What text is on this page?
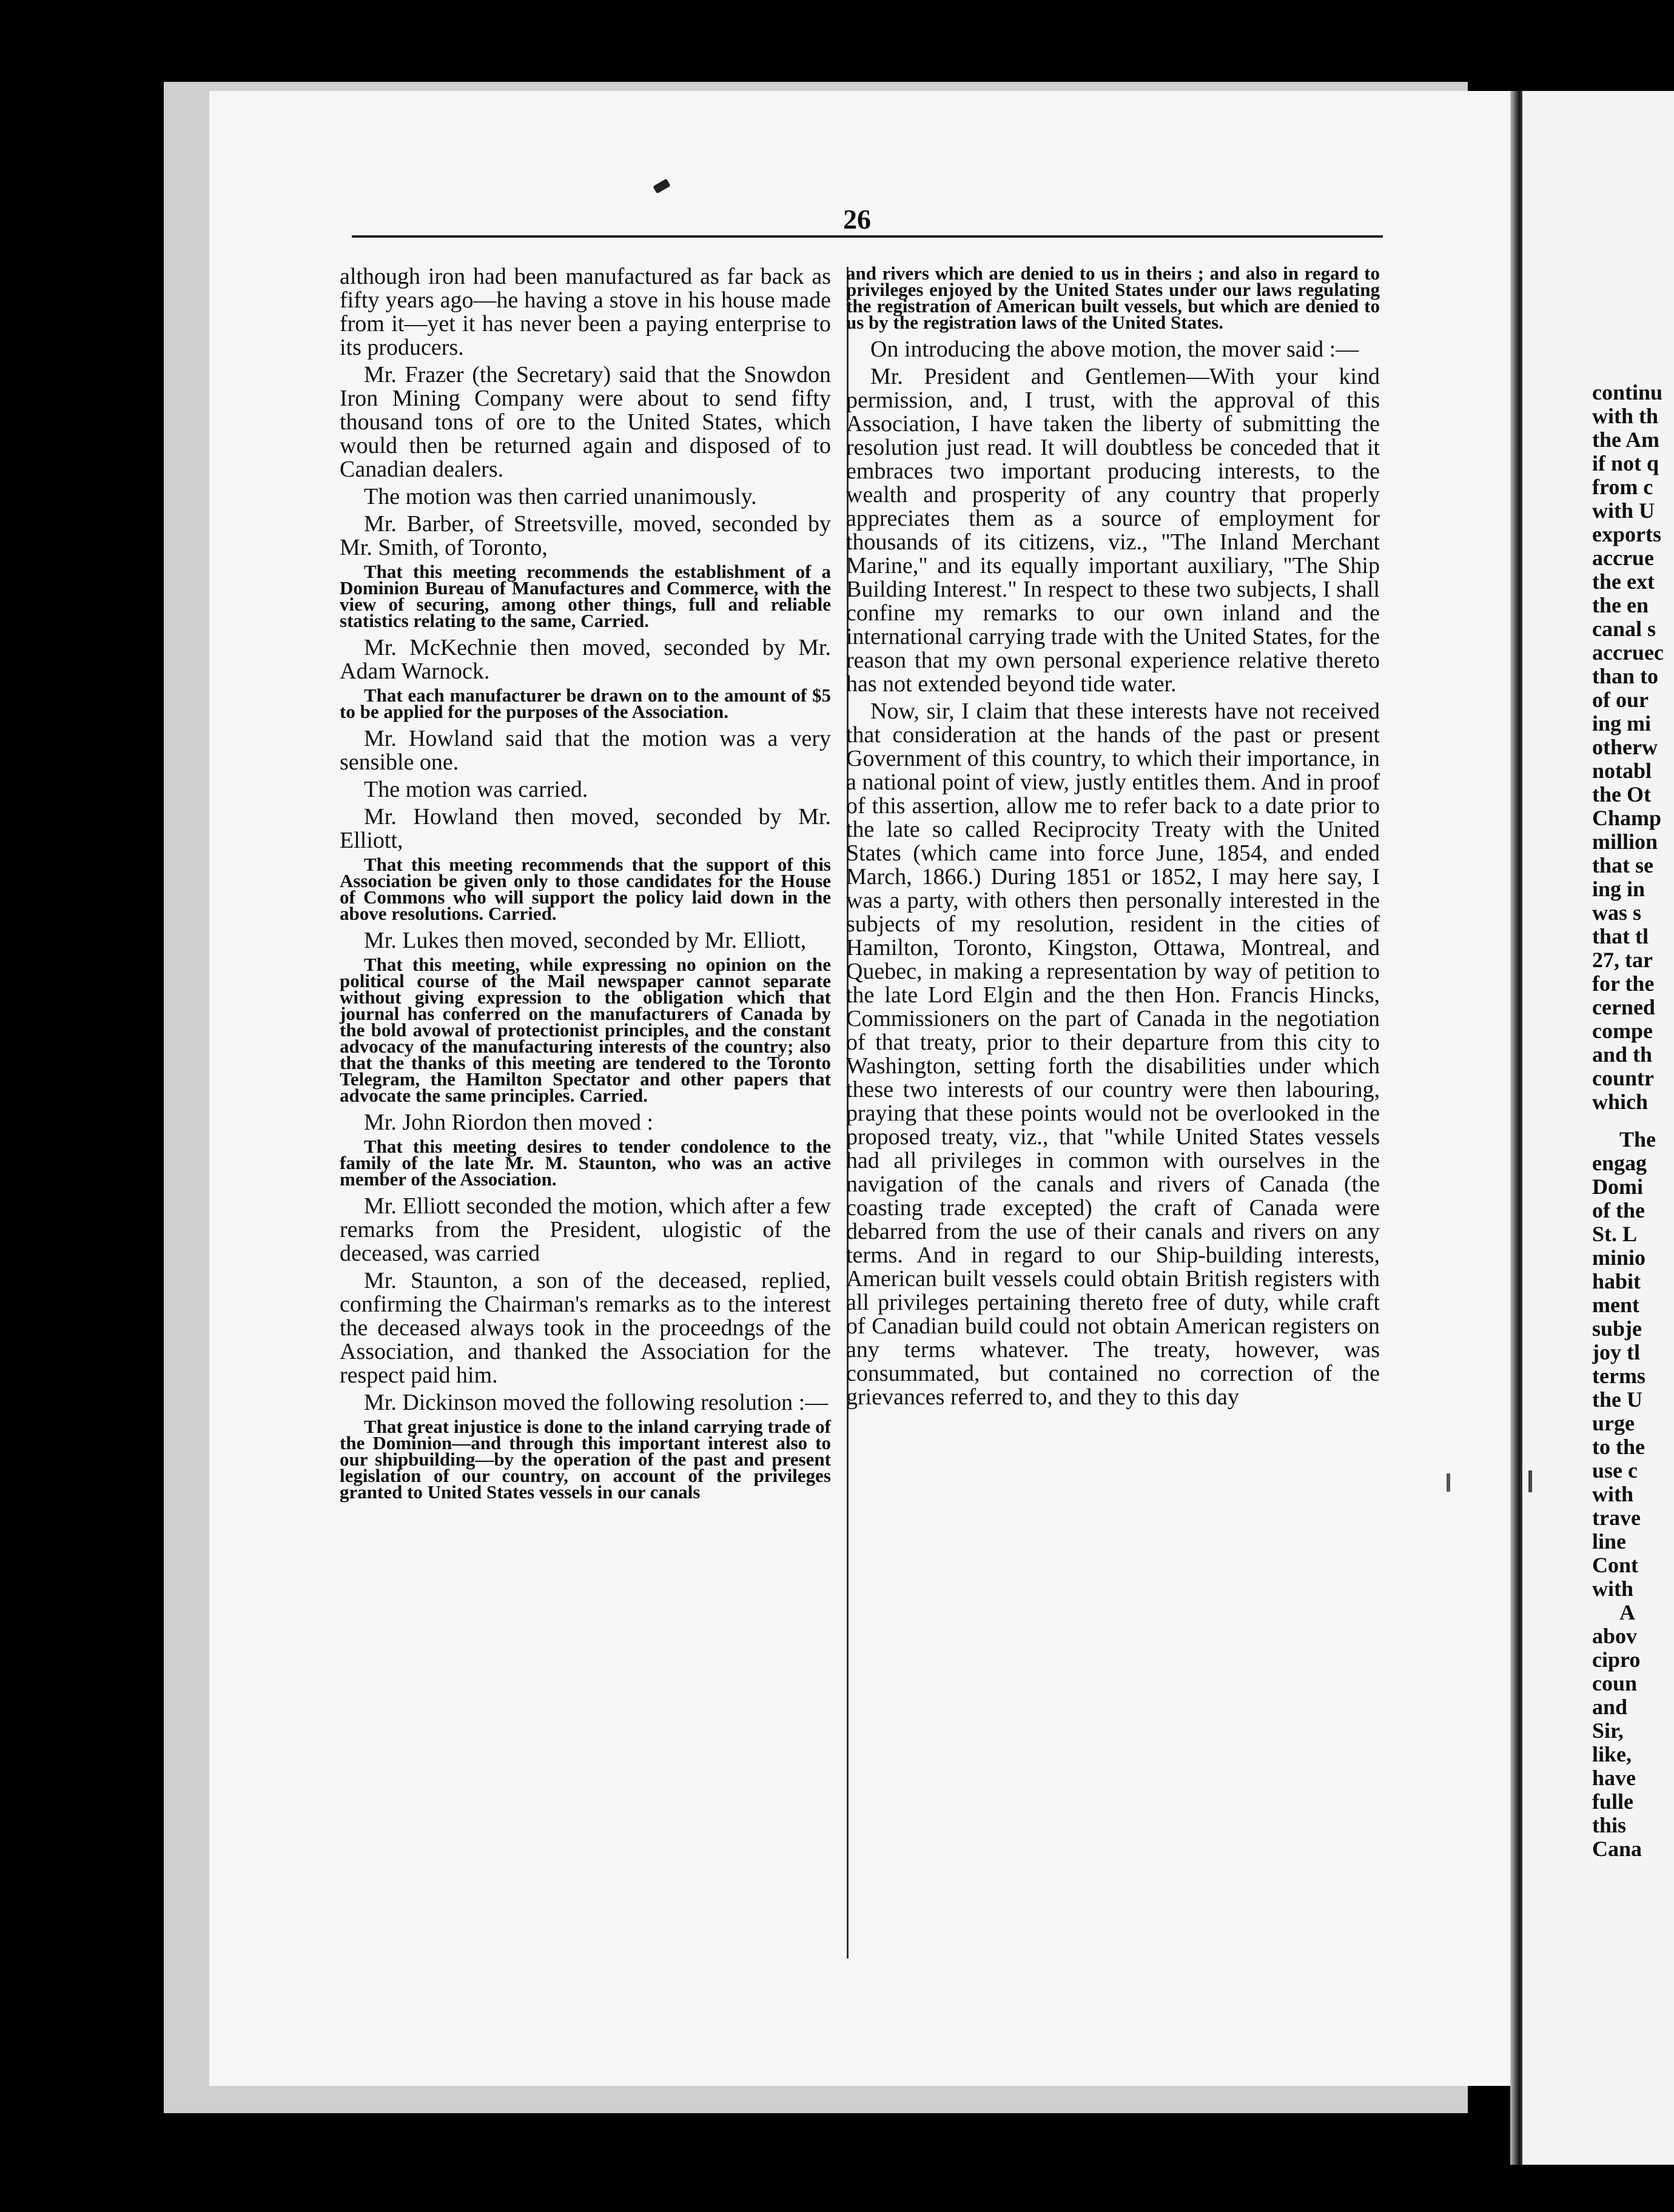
continu
with th
the Am
if not q
from c
with U
exports
accrue
the ext
the en
canal s
accruec
than to
of our
ing mi
otherw
notabl
the Ot
Champ
million
that se
ing in
was s
that tl
27, tar
for the
cerned
compe
and th
countr
which
The
engag
Domi
of the
St. L
minio
habit
ment
subje
joy tl
terms
the U
urge
to the
use c
with
trave
line
Cont
with
A
abov
cipro
coun
and
Sir,
like,
have
fulle
this
Cana
26

although iron had been manufactured as far back as fifty years ago—he having a stove in his house made from it—yet it has never been a paying enterprise to its producers.

Mr. Frazer (the Secretary) said that the Snowdon Iron Mining Company were about to send fifty thousand tons of ore to the United States, which would then be returned again and disposed of to Canadian dealers.

The motion was then carried unanimously.

Mr. Barber, of Streetsville, moved, seconded by Mr. Smith, of Toronto,

That this meeting recommends the establishment of a Dominion Bureau of Manufactures and Commerce, with the view of securing, among other things, full and reliable statistics relating to the same, Carried.

Mr. McKechnie then moved, seconded by Mr. Adam Warnock.

That each manufacturer be drawn on to the amount of $5 to be applied for the purposes of the Association.

Mr. Howland said that the motion was a very sensible one.

The motion was carried.

Mr. Howland then moved, seconded by Mr. Elliott,

That this meeting recommends that the support of this Association be given only to those candidates for the House of Commons who will support the policy laid down in the above resolutions. Carried.

Mr. Lukes then moved, seconded by Mr. Elliott,

That this meeting, while expressing no opinion on the political course of the Mail newspaper cannot separate without giving expression to the obligation which that journal has conferred on the manufacturers of Canada by the bold avowal of protectionist principles, and the constant advocacy of the manufacturing interests of the country; also that the thanks of this meeting are tendered to the Toronto Telegram, the Hamilton Spectator and other papers that advocate the same principles. Carried.

Mr. John Riordon then moved :

That this meeting desires to tender condolence to the family of the late Mr. M. Staunton, who was an active member of the Association.

Mr. Elliott seconded the motion, which after a few remarks from the President, ulogistic of the deceased, was carried

Mr. Staunton, a son of the deceased, replied, confirming the Chairman's remarks as to the interest the deceased always took in the proceedngs of the Association, and thanked the Association for the respect paid him.

Mr. Dickinson moved the following resolution :—

That great injustice is done to the inland carrying trade of the Dominion—and through this important interest also to our shipbuilding—by the operation of the past and present legislation of our country, on account of the privileges granted to United States vessels in our canals

and rivers which are denied to us in theirs ; and also in regard to privileges enjoyed by the United States under our laws regulating the registration of American built vessels, but which are denied to us by the registration laws of the United States.

On introducing the above motion, the mover said :—

Mr. President and Gentlemen—With your kind permission, and, I trust, with the approval of this Association, I have taken the liberty of submitting the resolution just read. It will doubtless be conceded that it embraces two important producing interests, to the wealth and prosperity of any country that properly appreciates them as a source of employment for thousands of its citizens, viz., "The Inland Merchant Marine," and its equally important auxiliary, "The Ship Building Interest." In respect to these two subjects, I shall confine my remarks to our own inland and the international carrying trade with the United States, for the reason that my own personal experience relative thereto has not extended beyond tide water.

Now, sir, I claim that these interests have not received that consideration at the hands of the past or present Government of this country, to which their importance, in a national point of view, justly entitles them. And in proof of this assertion, allow me to refer back to a date prior to the late so called Reciprocity Treaty with the United States (which came into force June, 1854, and ended March, 1866.) During 1851 or 1852, I may here say, I was a party, with others then personally interested in the subjects of my resolution, resident in the cities of Hamilton, Toronto, Kingston, Ottawa, Montreal, and Quebec, in making a representation by way of petition to the late Lord Elgin and the then Hon. Francis Hincks, Commissioners on the part of Canada in the negotiation of that treaty, prior to their departure from this city to Washington, setting forth the disabilities under which these two interests of our country were then labouring, praying that these points would not be overlooked in the proposed treaty, viz., that "while United States vessels had all privileges in common with ourselves in the navigation of the canals and rivers of Canada (the coasting trade excepted) the craft of Canada were debarred from the use of their canals and rivers on any terms. And in regard to our Ship-building interests, American built vessels could obtain British registers with all privileges pertaining thereto free of duty, while craft of Canadian build could not obtain American registers on any terms whatever. The treaty, however, was consummated, but contained no correction of the grievances referred to, and they to this day
